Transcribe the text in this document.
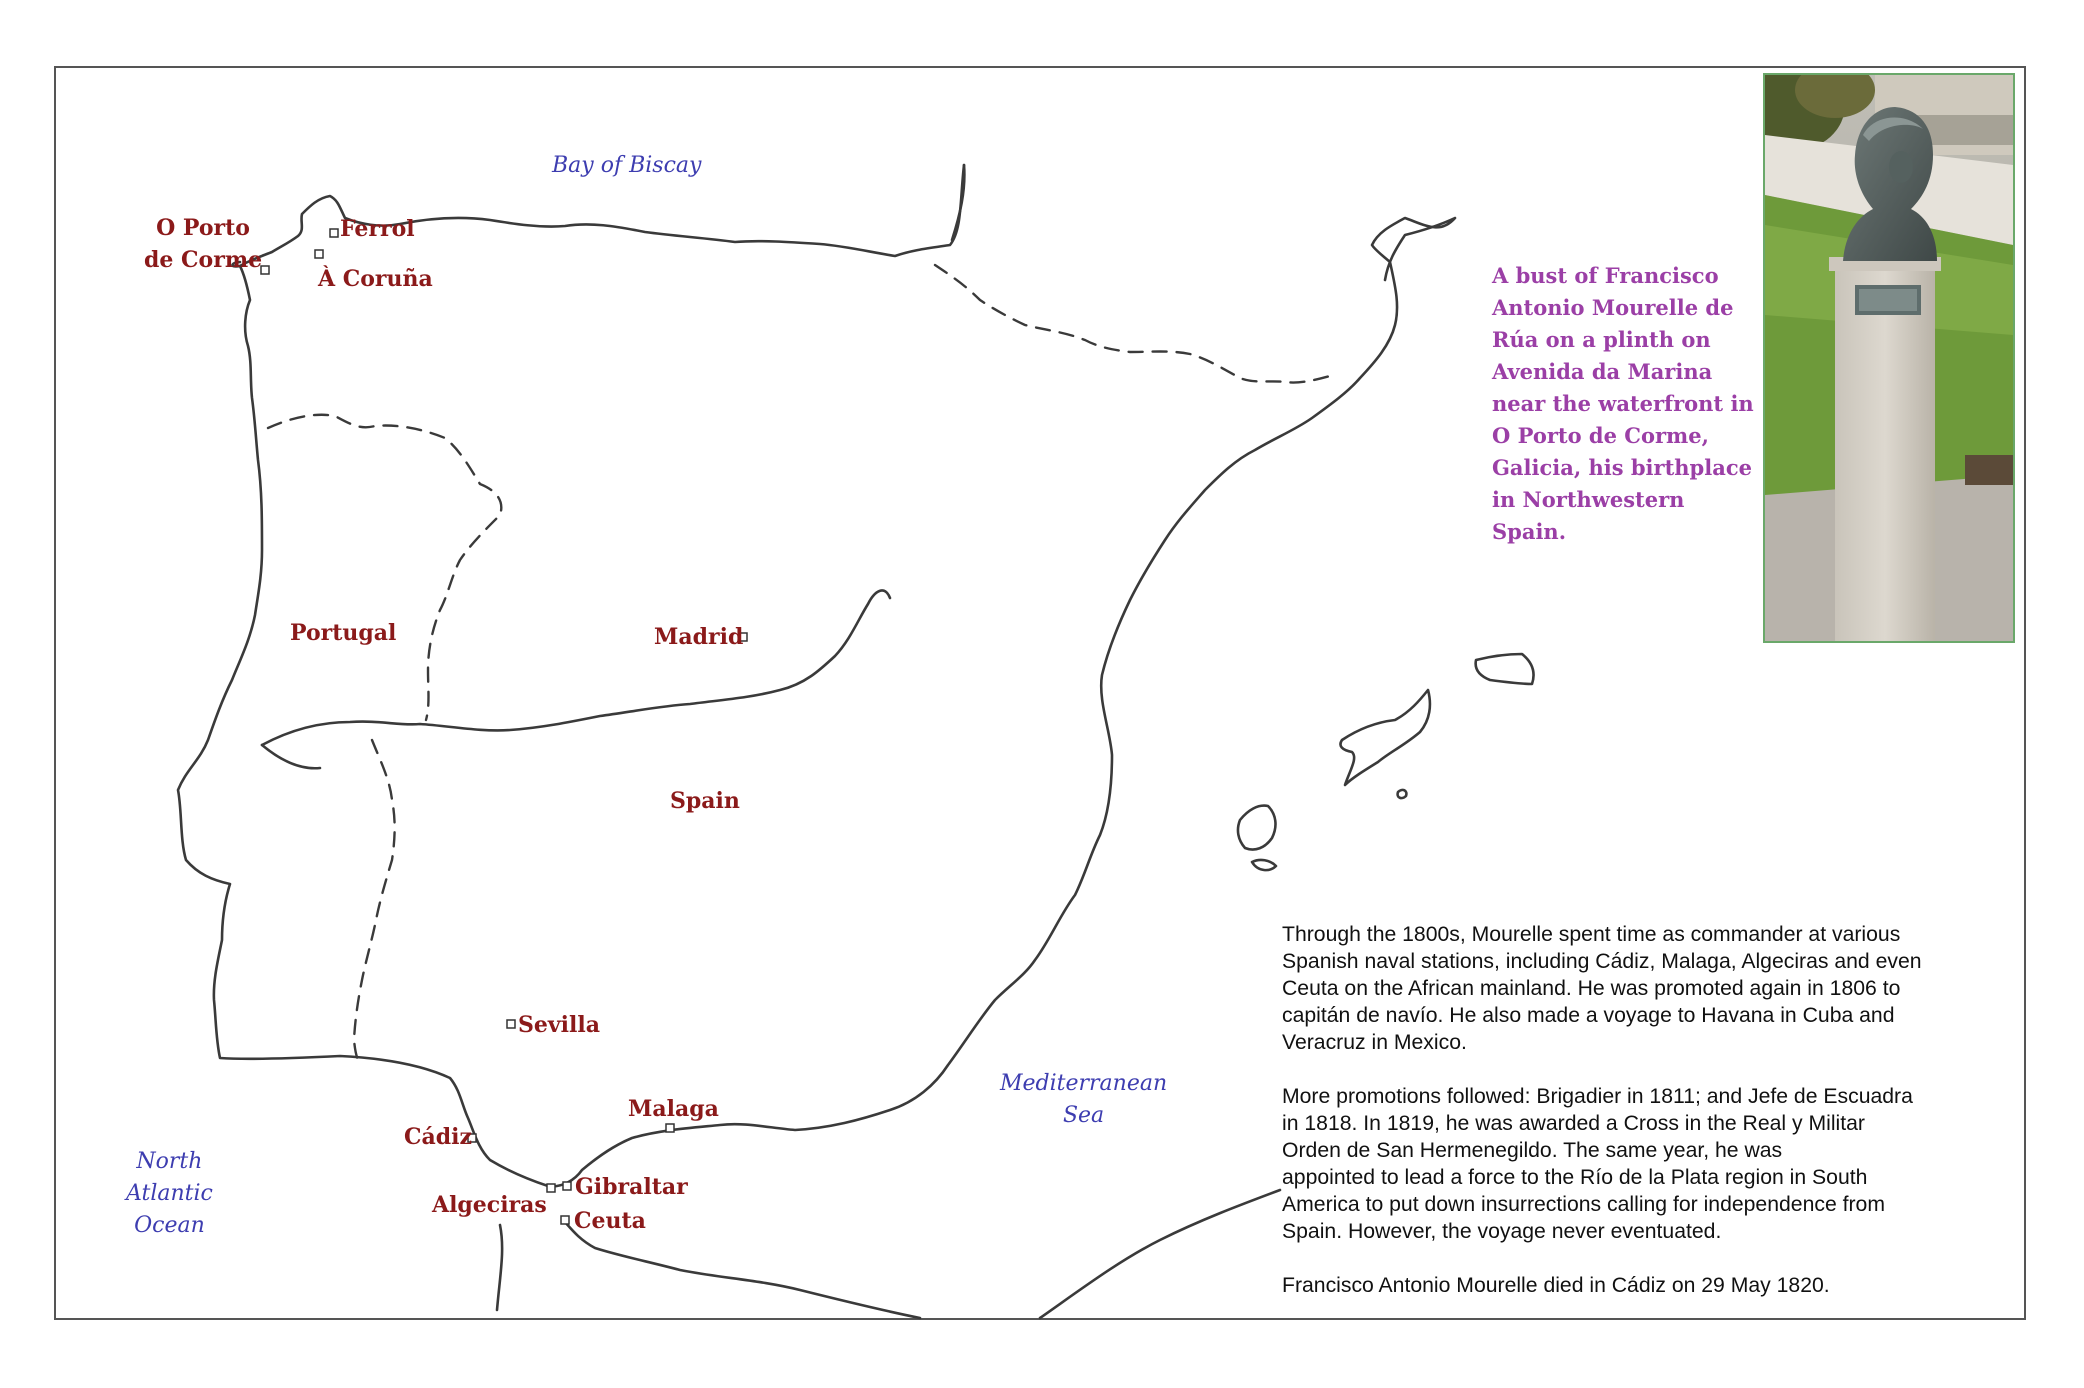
Bay of Biscay
North
Atlantic
Ocean
Mediterranean
Sea
Portugal
Spain
O Porto
de Corme
Ferrol
À Coruña
Madrid
Sevilla
Malaga
Cádiz
Gibraltar
Algeciras
Ceuta
A bust of Francisco
Antonio Mourelle de
Rúa on a plinth on
Avenida da Marina
near the waterfront in
O Porto de Corme,
Galicia, his birthplace
in Northwestern Spain.

Through the 1800s, Mourelle spent time as commander at various
Spanish naval stations, including Cádiz, Malaga, Algeciras and even
Ceuta on the African mainland. He was promoted again in 1806 to
capitán de navío. He also made a voyage to Havana in Cuba and
Veracruz in Mexico.

More promotions followed: Brigadier in 1811; and Jefe de Escuadra
in 1818. In 1819, he was awarded a Cross in the Real y Militar
Orden de San Hermenegildo. The same year, he was
appointed to lead a force to the Río de la Plata region in South
America to put down insurrections calling for independence from
Spain. However, the voyage never eventuated.

Francisco Antonio Mourelle died in Cádiz on 29 May 1820.
